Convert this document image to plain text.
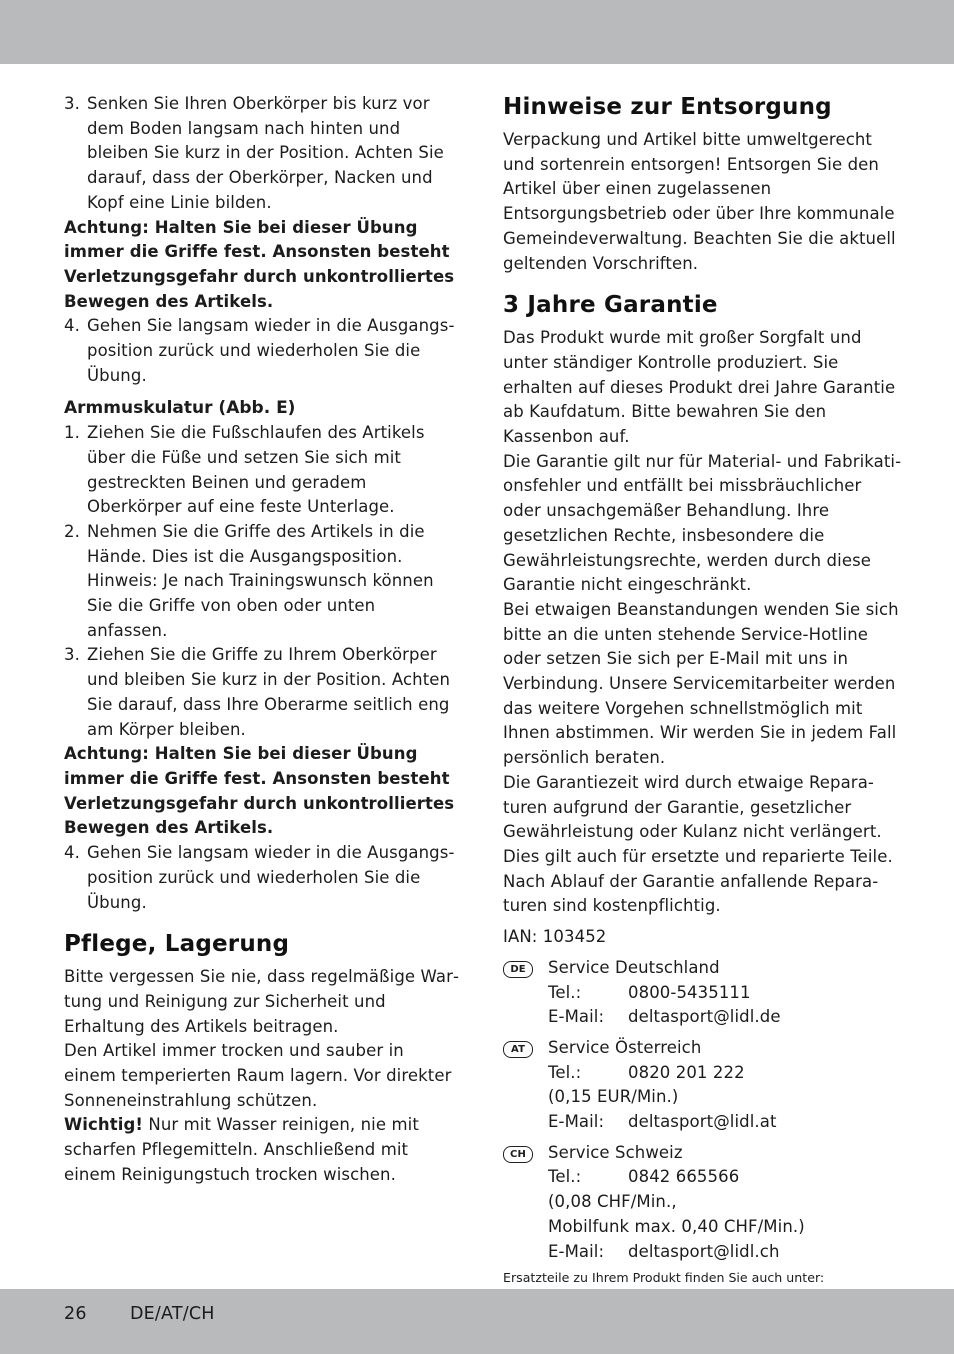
3. Senken Sie Ihren Oberkörper bis kurz vor dem Boden langsam nach hinten und bleiben Sie kurz in der Position. Achten Sie darauf, dass der Oberkörper, Nacken und Kopf eine Linie bilden.

Achtung: Halten Sie bei dieser Übung immer die Griffe fest. Ansonsten besteht Verletzungsgefahr durch unkontrolliertes Bewegen des Artikels.

4. Gehen Sie langsam wieder in die Ausgangsposition zurück und wiederholen Sie die Übung.

Armmuskulatur (Abb. E)
1. Ziehen Sie die Fußschlaufen des Artikels über die Füße und setzen Sie sich mit gestreckten Beinen und geradem Oberkörper auf eine feste Unterlage.

2. Nehmen Sie die Griffe des Artikels in die Hände. Dies ist die Ausgangsposition. Hinweis: Je nach Trainingswunsch können Sie die Griffe von oben oder unten anfassen.

3. Ziehen Sie die Griffe zu Ihrem Oberkörper und bleiben Sie kurz in der Position. Achten Sie darauf, dass Ihre Oberarme seitlich eng am Körper bleiben.

Achtung: Halten Sie bei dieser Übung immer die Griffe fest. Ansonsten besteht Verletzungsgefahr durch unkontrolliertes Bewegen des Artikels.

4. Gehen Sie langsam wieder in die Ausgangsposition zurück und wiederholen Sie die Übung.

Pflege, Lagerung

Bitte vergessen Sie nie, dass regelmäßige Wartung und Reinigung zur Sicherheit und Erhaltung des Artikels beitragen.

Den Artikel immer trocken und sauber in einem temperierten Raum lagern. Vor direkter Sonneneinstrahlung schützen.

Wichtig! Nur mit Wasser reinigen, nie mit scharfen Pflegemitteln. Anschließend mit einem Reinigungstuch trocken wischen.

Hinweise zur Entsorgung

Verpackung und Artikel bitte umweltgerecht und sortenrein entsorgen! Entsorgen Sie den Artikel über einen zugelassenen Entsorgungsbetrieb oder über Ihre kommunale Gemeindeverwaltung. Beachten Sie die aktuell geltenden Vorschriften.

3 Jahre Garantie

Das Produkt wurde mit großer Sorgfalt und unter ständiger Kontrolle produziert. Sie erhalten auf dieses Produkt drei Jahre Garantie ab Kaufdatum. Bitte bewahren Sie den Kassenbon auf.

Die Garantie gilt nur für Material- und Fabrikationsfehler und entfällt bei missbräuchlicher oder unsachgemäßer Behandlung. Ihre gesetzlichen Rechte, insbesondere die Gewährleistungsrechte, werden durch diese Garantie nicht eingeschränkt.

Bei etwaigen Beanstandungen wenden Sie sich bitte an die unten stehende Service-Hotline oder setzen Sie sich per E-Mail mit uns in Verbindung. Unsere Servicemitarbeiter werden das weitere Vorgehen schnellstmöglich mit Ihnen abstimmen. Wir werden Sie in jedem Fall persönlich beraten.

Die Garantiezeit wird durch etwaige Reparaturen aufgrund der Garantie, gesetzlicher Gewährleistung oder Kulanz nicht verlängert. Dies gilt auch für ersetzte und reparierte Teile. Nach Ablauf der Garantie anfallende Reparaturen sind kostenpflichtig.

IAN: 103452

DE	Service Deutschland

Tel.:	0800-5435111
E-Mail:	deltasport@lidl.de
AT	Service Österreich

Tel.:	0820 201 222

(0,15 EUR/Min.)

E-Mail:	deltasport@lidl.at
CH	Service Schweiz

Tel.:	0842 665566

(0,08 CHF/Min.,

Mobilfunk max. 0,40 CHF/Min.)

E-Mail:	deltasport@lidl.ch

Ersatzteile zu Ihrem Produkt finden Sie auch unter:

26 DE/AT/CH
